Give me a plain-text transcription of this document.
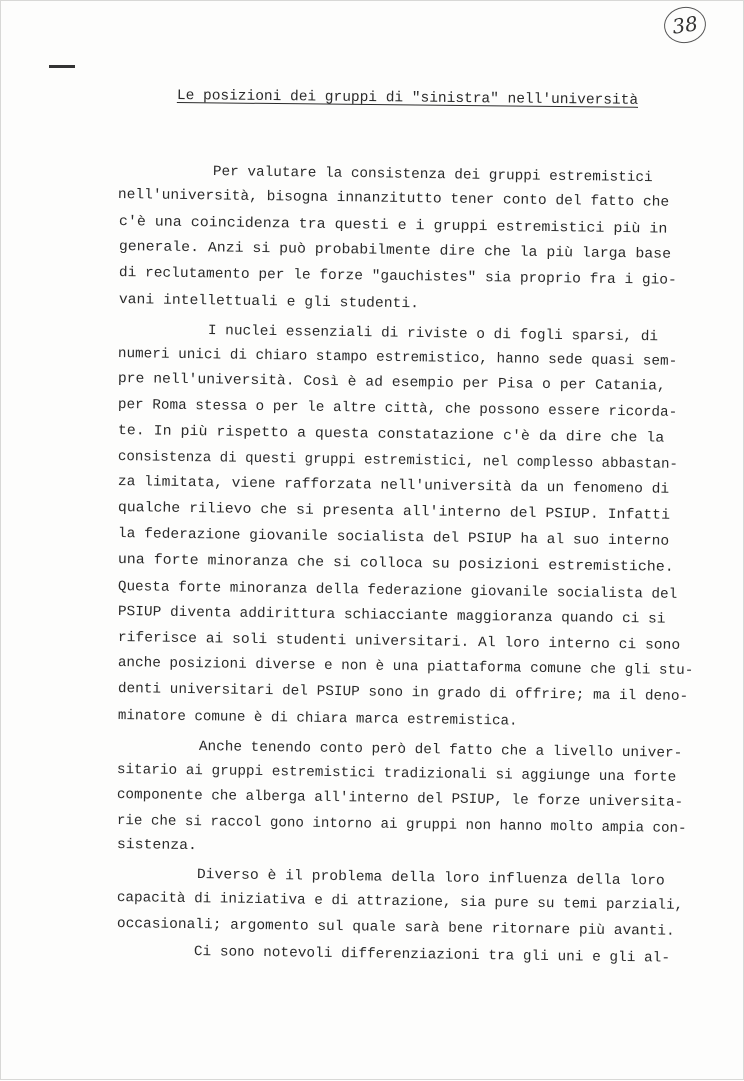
38
Le posizioni dei gruppi di "sinistra" nell'università
Per valutare la consistenza dei gruppi estremistici
nell'università, bisogna innanzitutto tener conto del fatto che
c'è una coincidenza tra questi e i gruppi estremistici più in
generale. Anzi si può probabilmente dire che la più larga base
di reclutamento per le forze "gauchistes" sia proprio fra i gio-
vani intellettuali e gli studenti.
I nuclei essenziali di riviste o di fogli sparsi, di
numeri unici di chiaro stampo estremistico, hanno sede quasi sem-
pre nell'università. Così è ad esempio per Pisa o per Catania,
per Roma stessa o per le altre città, che possono essere ricorda-
te. In più rispetto a questa constatazione c'è da dire che la
consistenza di questi gruppi estremistici, nel complesso abbastan-
za limitata, viene rafforzata nell'università da un fenomeno di
qualche rilievo che si presenta all'interno del PSIUP. Infatti
la federazione giovanile socialista del PSIUP ha al suo interno
una forte minoranza che si colloca su posizioni estremistiche.
Questa forte minoranza della federazione giovanile socialista del
PSIUP diventa addirittura schiacciante maggioranza quando ci si
riferisce ai soli studenti universitari. Al loro interno ci sono
anche posizioni diverse e non è una piattaforma comune che gli stu-
denti universitari del PSIUP sono in grado di offrire; ma il deno-
minatore comune è di chiara marca estremistica.
Anche tenendo conto però del fatto che a livello univer-
sitario ai gruppi estremistici tradizionali si aggiunge una forte
componente che alberga all'interno del PSIUP, le forze universita-
rie che si raccol gono intorno ai gruppi non hanno molto ampia con-
sistenza.
Diverso è il problema della loro influenza della loro
capacità di iniziativa e di attrazione, sia pure su temi parziali,
occasionali; argomento sul quale sarà bene ritornare più avanti.
Ci sono notevoli differenziazioni tra gli uni e gli al-
